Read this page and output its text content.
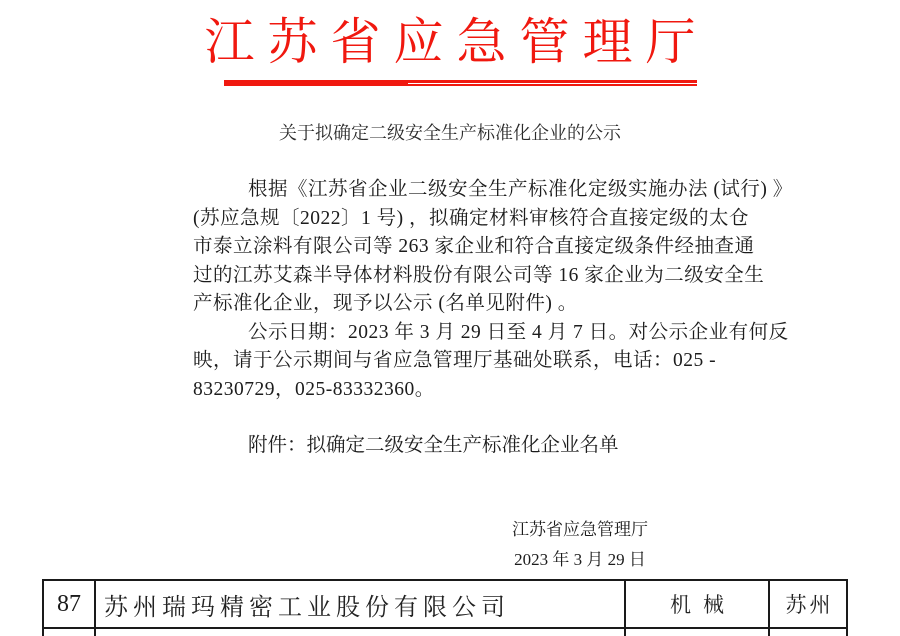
江苏省应急管理厅
关于拟确定二级安全生产标准化企业的公示

根据《江苏省企业二级安全生产标准化定级实施办法 (试行) 》

(苏应急规〔2022〕1 号) ，拟确定材料审核符合直接定级的太仓

市泰立涂料有限公司等 263 家企业和符合直接定级条件经抽查通

过的江苏艾森半导体材料股份有限公司等 16 家企业为二级安全生

产标准化企业，现予以公示 (名单见附件) 。

公示日期：2023 年 3 月 29 日至 4 月 7 日。对公示企业有何反

映，请于公示期间与省应急管理厅基础处联系，电话：025 -

83230729，025-83332360。

附件：拟确定二级安全生产标准化企业名单

江苏省应急管理厅
2023 年 3 月 29 日
87 苏州瑞玛精密工业股份有限公司	机械	苏州
